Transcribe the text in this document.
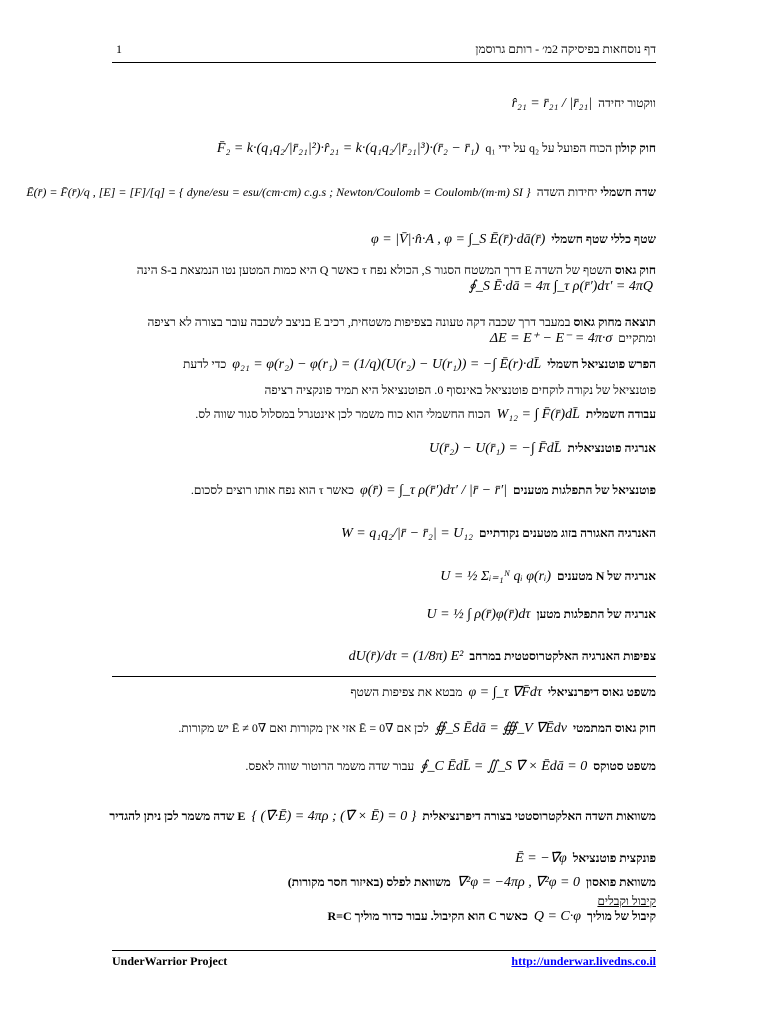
1	דף נוסחאות בפיסיקה 2מ׳ - רותם גרוסמן
ווקטור יחידה r̂₂₁ = r̄₂₁ / |r̄₂₁|
חוק קולון הכוח הפועל על q₂ על ידי q₁ F̄₂ = k·(q₁q₂/|r̄₂₁|²)·r̂₂₁ = k·(q₁q₂/|r̄₂₁|³)·(r̄₂ − r̄₁)
שדה חשמלי יחידות השדה Ē(r̄) = F̄(r̄)/q , [E] = [F]/[q] = { dyne/esu = esu/(cm·cm) c.g.s ; Newton/Coulomb = Coulomb/(m·m) SI }
שטף כללי שטף חשמלי φ = |V̄|·n̂·A , φ = ∫_S Ē(r̄)·dā(r̄)
חוק גאוס השטף של השדה E דרך המשטח הסגור S, הכולא נפח τ כאשר Q היא כמות המטען נטו הנמצאת ב-S הינה ∮_S Ē·dā = 4π ∫_τ ρ(r̄′)dτ′ = 4πQ
תוצאה מחוק גאוס במעבר דרך שכבה דקה טעונה בצפיפות משטחית, רכיב E בניצב לשכבה עובר בצורה לא רציפה ומתקיים ΔE = E⁺ − E⁻ = 4π·σ
הפרש פוטנציאל חשמלי φ₂₁ = φ(r₂) − φ(r₁) = (1/q)(U(r₂) − U(r₁)) = −∫ Ē(r)·dL̄ כדי לדעת
פוטנציאל של נקודה לוקחים פוטנציאל באינסוף 0. הפוטנציאל היא תמיד פונקציה רציפה
עבודה חשמלית W₁₂ = ∫ F̄(r̄)dL̄ הכוח החשמלי הוא כוח משמר לכן אינטגרל במסלול סגור שווה לס.
אנרגיה פוטנציאלית U(r̄₂) − U(r̄₁) = −∫ F̄dL̄
פוטנציאל של התפלגות מטענים φ(r̄) = ∫_τ ρ(r̄′)dτ′ / |r̄ − r̄′| כאשר τ הוא נפח אותו רוצים לסכום.
האנרגיה האגורה בזוג מטענים נקודתיים W = q₁q₂/|r̄ − r̄₂| = U₁₂
אנרגיה של N מטענים U = ½ Σᵢ₌₁ᴺ qᵢ φ(rᵢ)
אנרגיה של התפלגות מטען U = ½ ∫ ρ(r̄)φ(r̄)dτ
צפיפות האנרגיה האלקטרוסטטית במרחב dU(r̄)/dτ = (1/8π) E²
משפט גאוס דיפרנציאלי φ = ∫_τ ∇F̄dτ מבטא את צפיפות השטף
חוק גאוס המתמטי ∯_S Ēdā = ∰_V ∇Ēdv לכן אם ∇Ē = 0 אזי אין מקורות ואם ∇Ē ≠ 0 יש מקורות.
משפט סטוקס ∮_C ĒdL̄ = ∬_S ∇̄ × Ēdā = 0 עבור שדה משמר הרוטור שווה לאפס.
משוואות השדה האלקטרוסטטי בצורה דיפרנציאלית { (∇̄·Ē) = 4πρ ; (∇̄ × Ē) = 0 } E שדה משמר לכן ניתן להגדיר
פונקצית פוטנציאל Ē = −∇̄φ
משוואת פואסון ∇²φ = −4πρ , ∇²φ = 0 משוואת לפלס (באיזור חסר מקורות)
קיבול וקבלים
קיבול של מוליך Q = C·φ כאשר C הוא הקיבול. עבור כדור מוליך R=C
UnderWarrior Project	http://underwar.livedns.co.il
